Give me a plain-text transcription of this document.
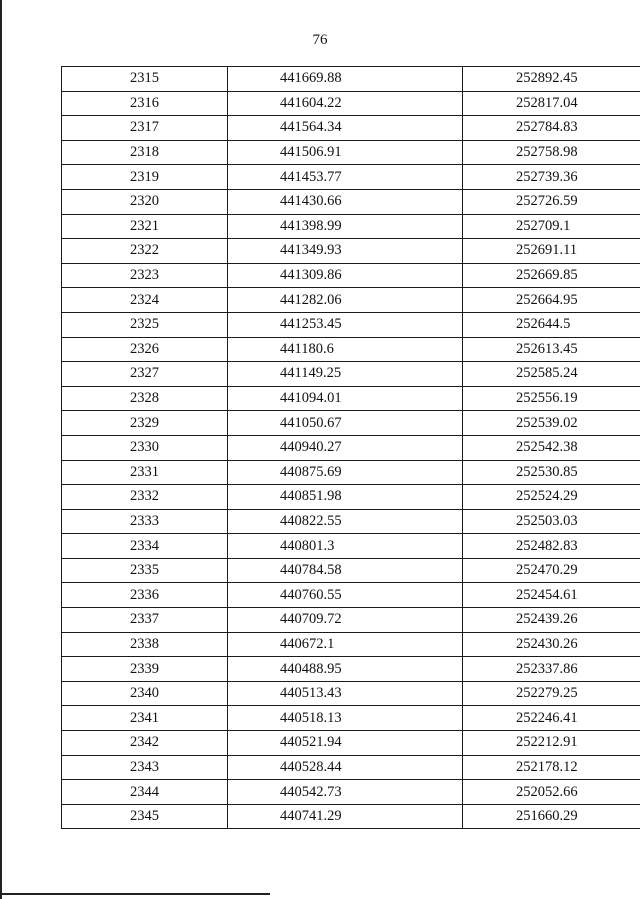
76
2315	441669.88	252892.45
2316	441604.22	252817.04
2317	441564.34	252784.83
2318	441506.91	252758.98
2319	441453.77	252739.36
2320	441430.66	252726.59
2321	441398.99	252709.1
2322	441349.93	252691.11
2323	441309.86	252669.85
2324	441282.06	252664.95
2325	441253.45	252644.5
2326	441180.6	252613.45
2327	441149.25	252585.24
2328	441094.01	252556.19
2329	441050.67	252539.02
2330	440940.27	252542.38
2331	440875.69	252530.85
2332	440851.98	252524.29
2333	440822.55	252503.03
2334	440801.3	252482.83
2335	440784.58	252470.29
2336	440760.55	252454.61
2337	440709.72	252439.26
2338	440672.1	252430.26
2339	440488.95	252337.86
2340	440513.43	252279.25
2341	440518.13	252246.41
2342	440521.94	252212.91
2343	440528.44	252178.12
2344	440542.73	252052.66
2345	440741.29	251660.29
